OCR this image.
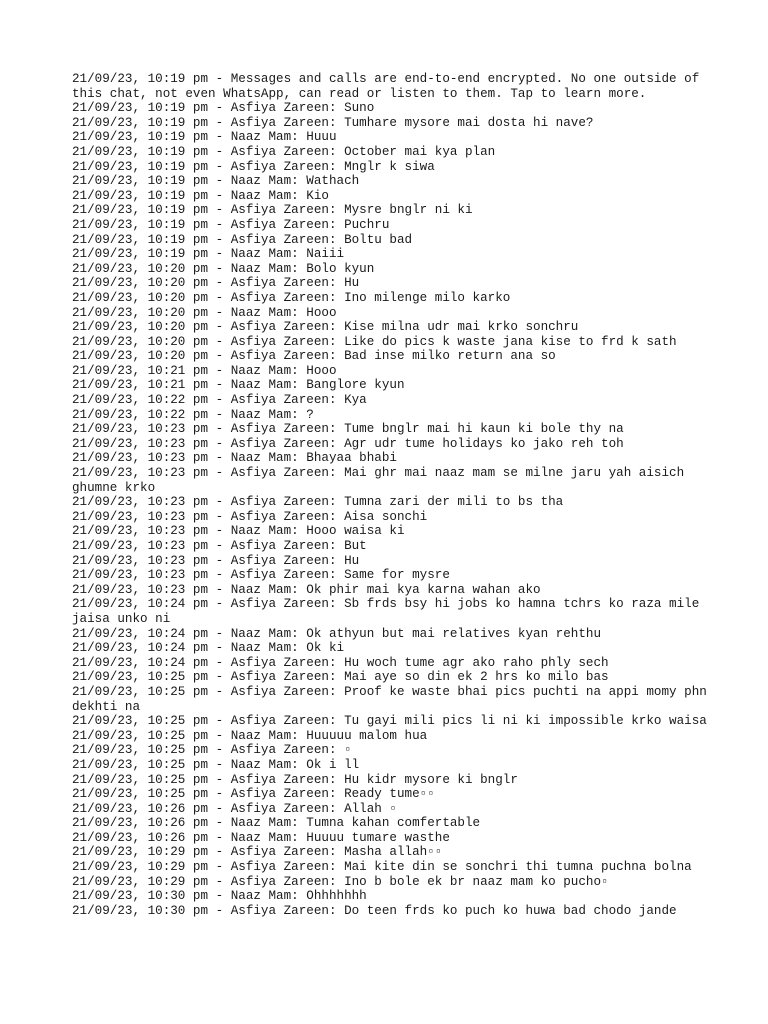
21/09/23, 10:19 pm - Messages and calls are end-to-end encrypted. No one outside of this chat, not even WhatsApp, can read or listen to them. Tap to learn more.
21/09/23, 10:19 pm - Asfiya Zareen: Suno
21/09/23, 10:19 pm - Asfiya Zareen: Tumhare mysore mai dosta hi nave?
21/09/23, 10:19 pm - Naaz Mam: Huuu
21/09/23, 10:19 pm - Asfiya Zareen: October mai kya plan
21/09/23, 10:19 pm - Asfiya Zareen: Mnglr k siwa
21/09/23, 10:19 pm - Naaz Mam: Wathach
21/09/23, 10:19 pm - Naaz Mam: Kio
21/09/23, 10:19 pm - Asfiya Zareen: Mysre bnglr ni ki
21/09/23, 10:19 pm - Asfiya Zareen: Puchru
21/09/23, 10:19 pm - Asfiya Zareen: Boltu bad
21/09/23, 10:19 pm - Naaz Mam: Naiii
21/09/23, 10:20 pm - Naaz Mam: Bolo kyun
21/09/23, 10:20 pm - Asfiya Zareen: Hu
21/09/23, 10:20 pm - Asfiya Zareen: Ino milenge milo karko
21/09/23, 10:20 pm - Naaz Mam: Hooo
21/09/23, 10:20 pm - Asfiya Zareen: Kise milna udr mai krko sonchru
21/09/23, 10:20 pm - Asfiya Zareen: Like do pics k waste jana kise to frd k sath
21/09/23, 10:20 pm - Asfiya Zareen: Bad inse milko return ana so
21/09/23, 10:21 pm - Naaz Mam: Hooo
21/09/23, 10:21 pm - Naaz Mam: Banglore kyun
21/09/23, 10:22 pm - Asfiya Zareen: Kya
21/09/23, 10:22 pm - Naaz Mam: ?
21/09/23, 10:23 pm - Asfiya Zareen: Tume bnglr mai hi kaun ki bole thy na
21/09/23, 10:23 pm - Asfiya Zareen: Agr udr tume holidays ko jako reh toh
21/09/23, 10:23 pm - Naaz Mam: Bhayaa bhabi
21/09/23, 10:23 pm - Asfiya Zareen: Mai ghr mai naaz mam se milne jaru yah aisich ghumne krko
21/09/23, 10:23 pm - Asfiya Zareen: Tumna zari der mili to bs tha
21/09/23, 10:23 pm - Asfiya Zareen: Aisa sonchi
21/09/23, 10:23 pm - Naaz Mam: Hooo waisa ki
21/09/23, 10:23 pm - Asfiya Zareen: But
21/09/23, 10:23 pm - Asfiya Zareen: Hu
21/09/23, 10:23 pm - Asfiya Zareen: Same for mysre
21/09/23, 10:23 pm - Naaz Mam: Ok phir mai kya karna wahan ako
21/09/23, 10:24 pm - Asfiya Zareen: Sb frds bsy hi jobs ko hamna tchrs ko raza mile jaisa unko ni
21/09/23, 10:24 pm - Naaz Mam: Ok athyun but mai relatives kyan rehthu
21/09/23, 10:24 pm - Naaz Mam: Ok ki
21/09/23, 10:24 pm - Asfiya Zareen: Hu woch tume agr ako raho phly sech
21/09/23, 10:25 pm - Asfiya Zareen: Mai aye so din ek 2 hrs ko milo bas
21/09/23, 10:25 pm - Asfiya Zareen: Proof ke waste bhai pics puchti na appi momy phn dekhti na
21/09/23, 10:25 pm - Asfiya Zareen: Tu gayi mili pics li ni ki impossible krko waisa
21/09/23, 10:25 pm - Naaz Mam: Huuuuu malom hua
21/09/23, 10:25 pm - Asfiya Zareen: ▫
21/09/23, 10:25 pm - Naaz Mam: Ok i ll
21/09/23, 10:25 pm - Asfiya Zareen: Hu kidr mysore ki bnglr
21/09/23, 10:25 pm - Asfiya Zareen: Ready tume▫▫
21/09/23, 10:26 pm - Asfiya Zareen: Allah ▫
21/09/23, 10:26 pm - Naaz Mam: Tumna kahan comfertable
21/09/23, 10:26 pm - Naaz Mam: Huuuu tumare wasthe
21/09/23, 10:29 pm - Asfiya Zareen: Masha allah▫▫
21/09/23, 10:29 pm - Asfiya Zareen: Mai kite din se sonchri thi tumna puchna bolna
21/09/23, 10:29 pm - Asfiya Zareen: Ino b bole ek br naaz mam ko pucho▫
21/09/23, 10:30 pm - Naaz Mam: Ohhhhhhh
21/09/23, 10:30 pm - Asfiya Zareen: Do teen frds ko puch ko huwa bad chodo jande
